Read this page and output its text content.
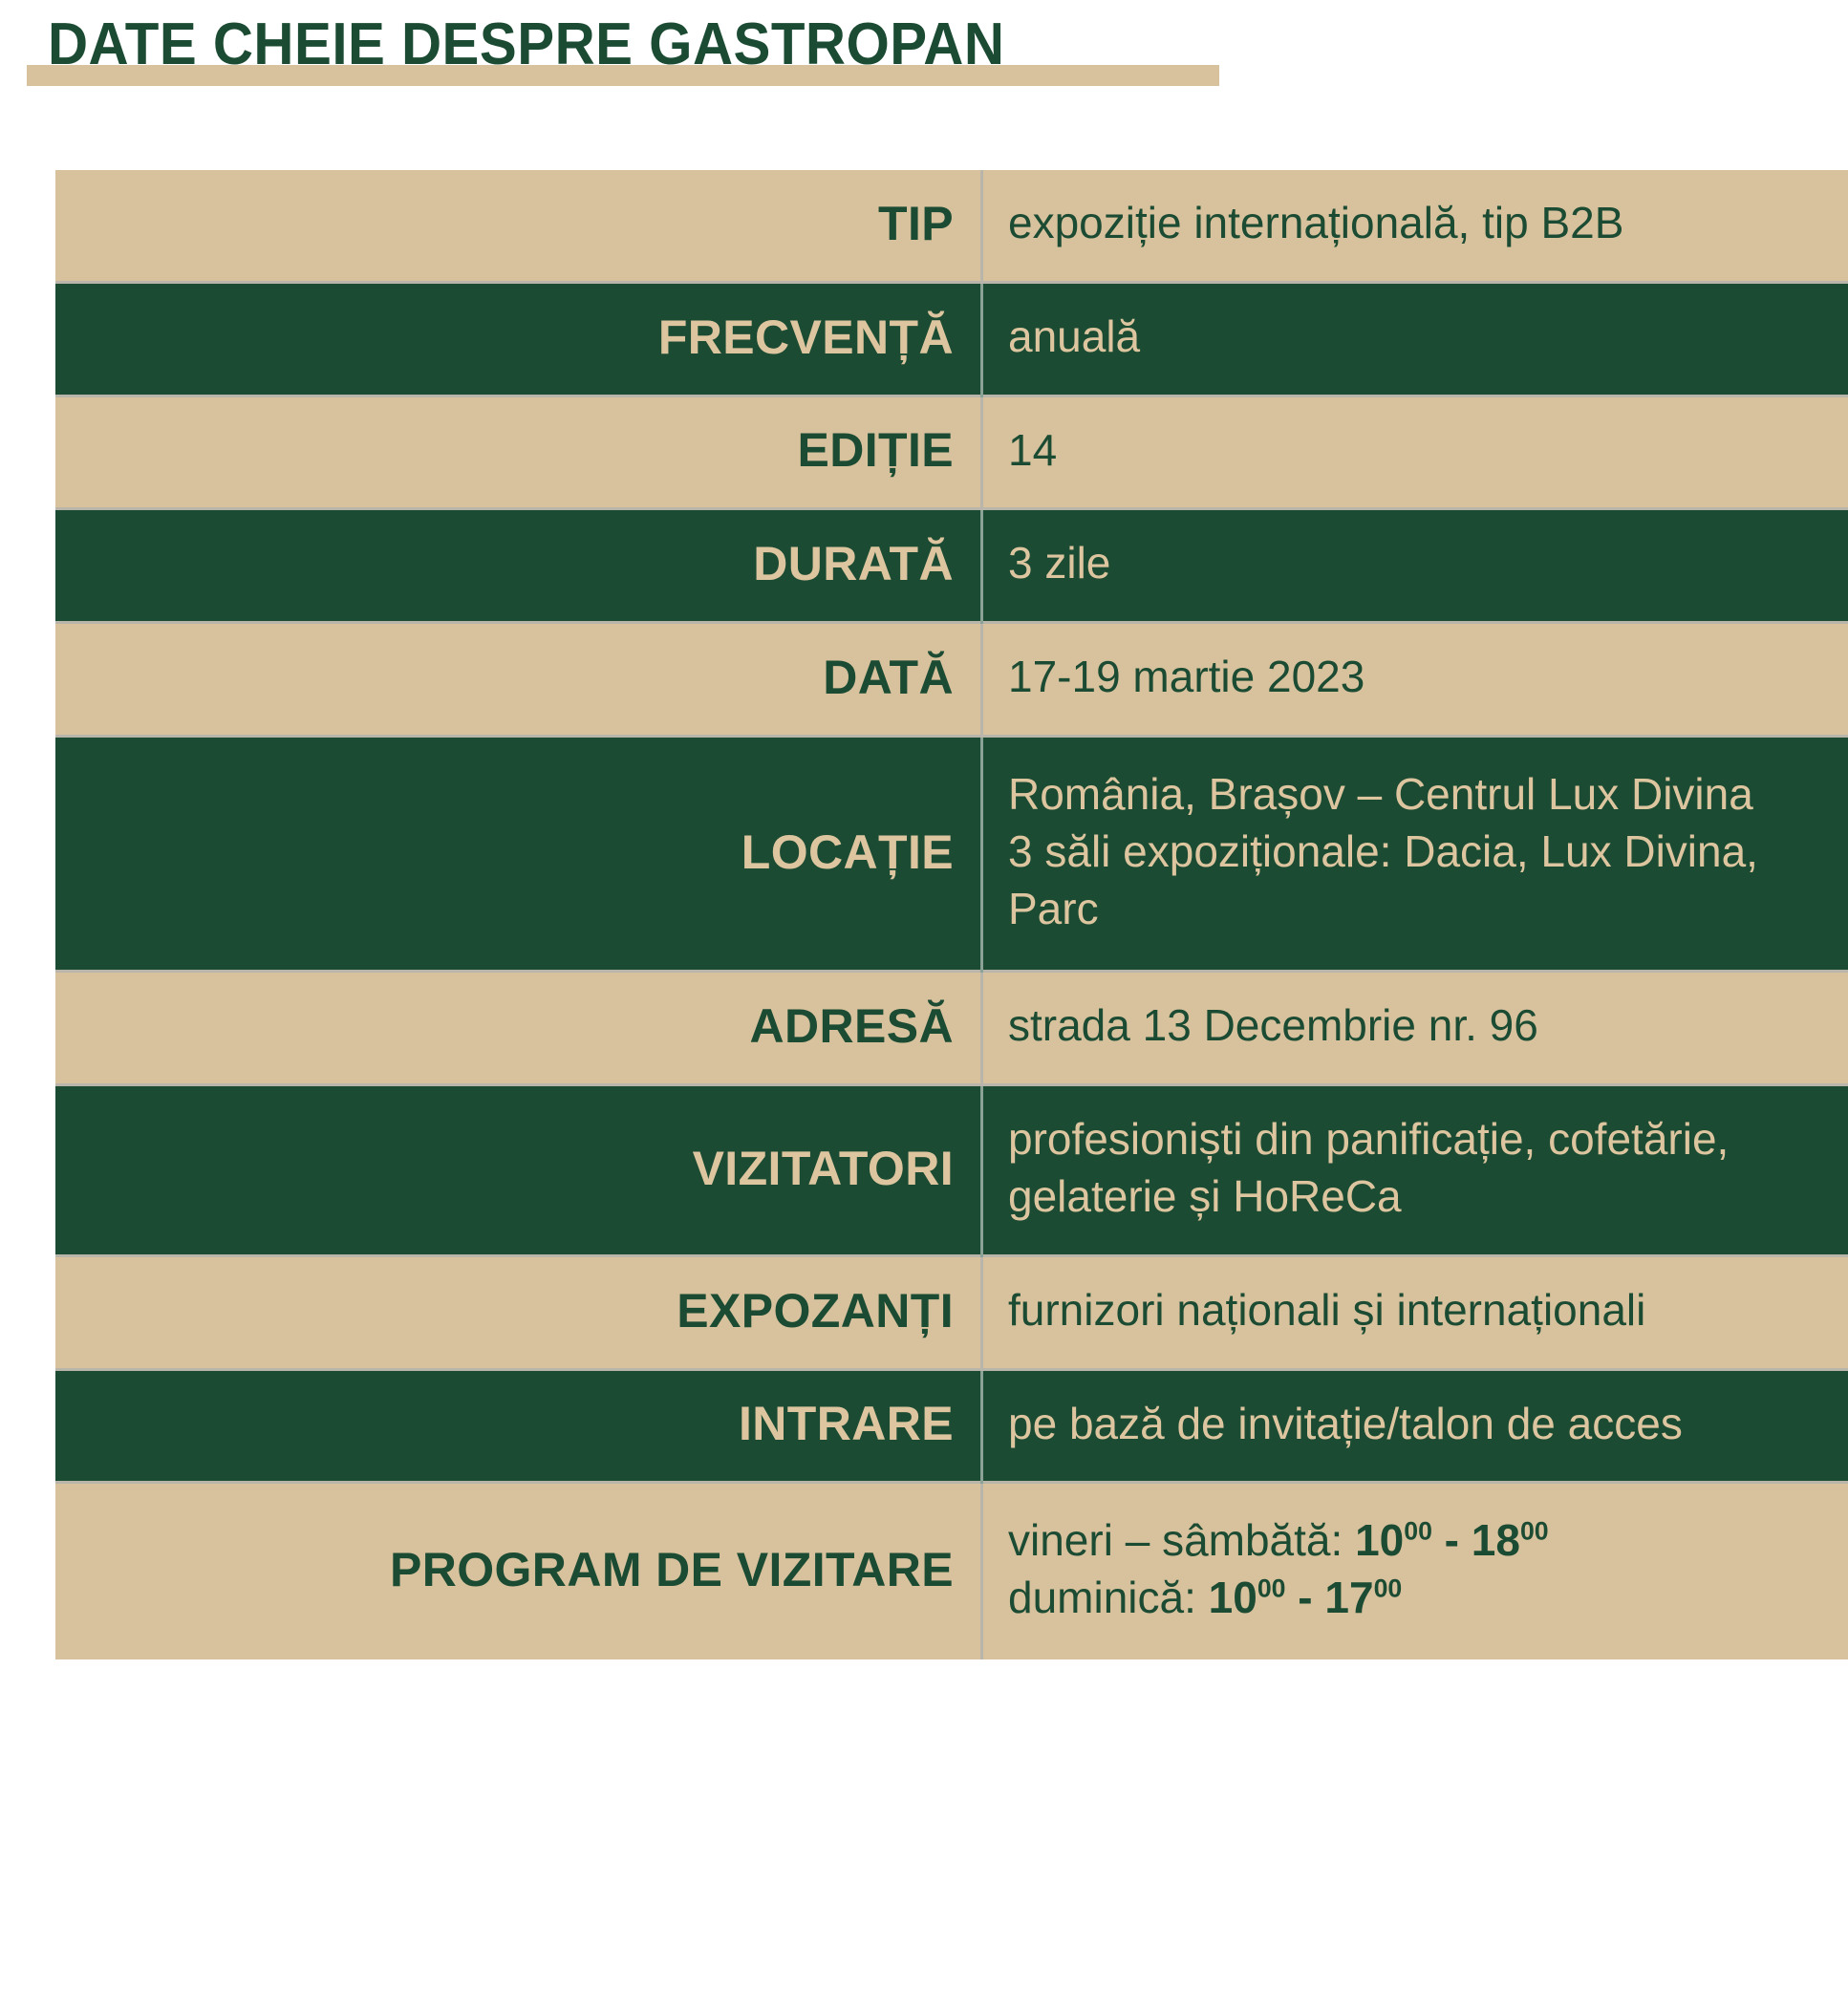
DATE CHEIE DESPRE GASTROPAN
TIP	expoziție internațională, tip B2B

FRECVENȚĂ	anuală

EDIȚIE	14

DURATĂ	3 zile

DATĂ	17-19 martie 2023

LOCAȚIE	România, Brașov – Centrul Lux Divina
3 săli expoziționale: Dacia, Lux Divina, Parc

ADRESĂ	strada 13 Decembrie nr. 96

VIZITATORI	profesioniști din panificație, cofetărie, gelaterie și HoReCa

EXPOZANȚI	furnizori naționali și internaționali

INTRARE	pe bază de invitație/talon de acces

PROGRAM DE VIZITARE	vineri – sâmbătă: $10^{00} - 18^{00}$
duminică: $10^{00} - 17^{00}$
